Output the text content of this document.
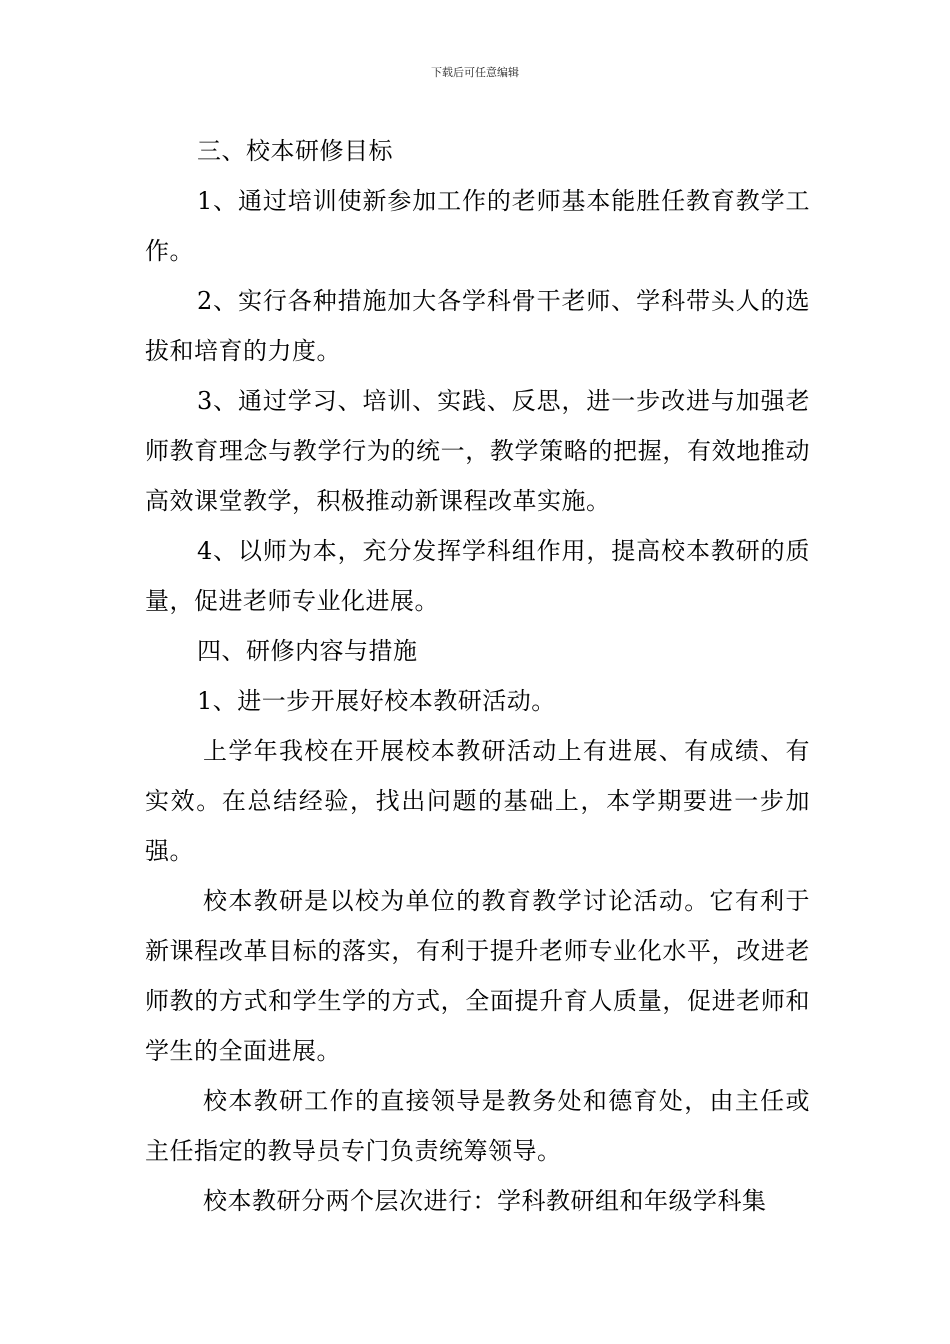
下载后可任意编辑

三、校本研修目标

1、通过培训使新参加工作的老师基本能胜任教育教学工作。

2、实行各种措施加大各学科骨干老师、学科带头人的选拔和培育的力度。

3、通过学习、培训、实践、反思，进一步改进与加强老师教育理念与教学行为的统一，教学策略的把握，有效地推动高效课堂教学，积极推动新课程改革实施。

4、以师为本，充分发挥学科组作用，提高校本教研的质量，促进老师专业化进展。

四、研修内容与措施

1、进一步开展好校本教研活动。

上学年我校在开展校本教研活动上有进展、有成绩、有实效。在总结经验，找出问题的基础上，本学期要进一步加强。

校本教研是以校为单位的教育教学讨论活动。它有利于新课程改革目标的落实，有利于提升老师专业化水平，改进老师教的方式和学生学的方式，全面提升育人质量，促进老师和学生的全面进展。

校本教研工作的直接领导是教务处和德育处，由主任或主任指定的教导员专门负责统筹领导。

校本教研分两个层次进行：学科教研组和年级学科集
